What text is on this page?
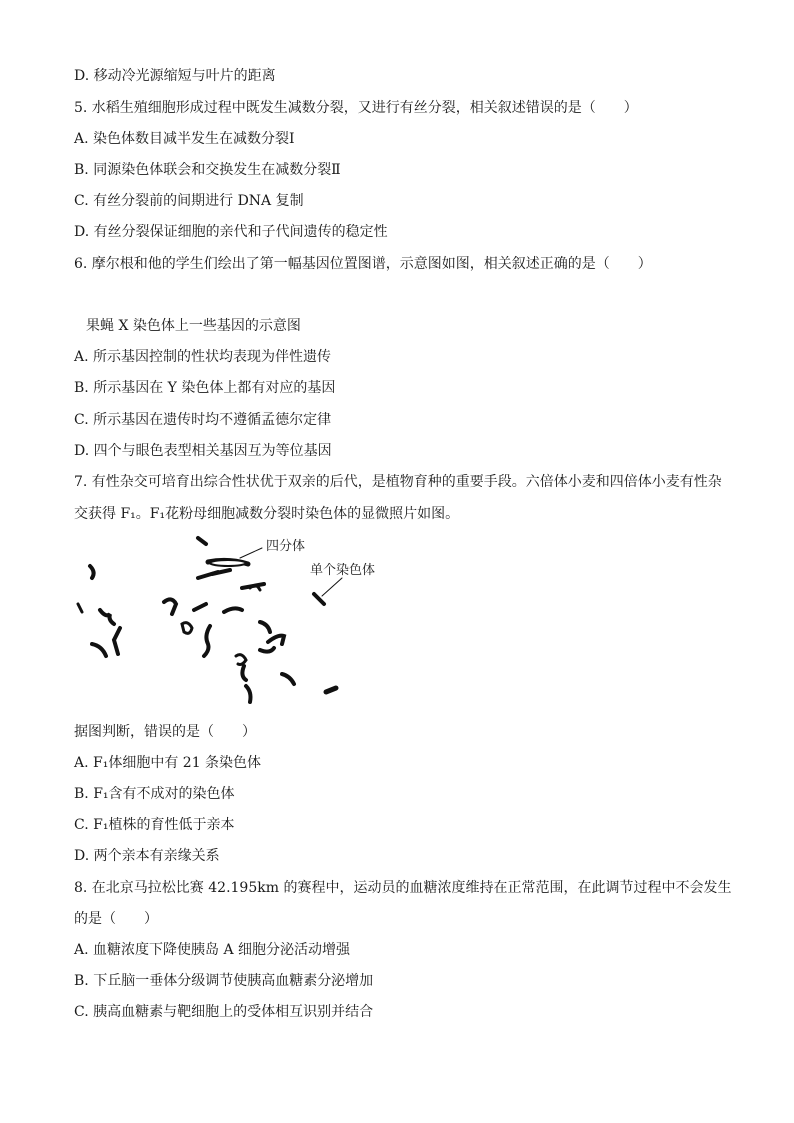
D. 移动冷光源缩短与叶片的距离
5. 水稻生殖细胞形成过程中既发生减数分裂，又进行有丝分裂，相关叙述错误的是（　　）
A. 染色体数目减半发生在减数分裂Ⅰ
B. 同源染色体联会和交换发生在减数分裂Ⅱ
C. 有丝分裂前的间期进行 DNA 复制
D. 有丝分裂保证细胞的亲代和子代间遗传的稳定性
6. 摩尔根和他的学生们绘出了第一幅基因位置图谱，示意图如图，相关叙述正确的是（　　）
果蝇 X 染色体上一些基因的示意图
A. 所示基因控制的性状均表现为伴性遗传
B. 所示基因在 Y 染色体上都有对应的基因
C. 所示基因在遗传时均不遵循孟德尔定律
D. 四个与眼色表型相关基因互为等位基因
7. 有性杂交可培育出综合性状优于双亲的后代，是植物育种的重要手段。六倍体小麦和四倍体小麦有性杂
交获得 F₁。F₁花粉母细胞减数分裂时染色体的显微照片如图。
四分体
单个染色体
据图判断，错误的是（　　）
A. F₁体细胞中有 21 条染色体
B. F₁含有不成对的染色体
C. F₁植株的育性低于亲本
D. 两个亲本有亲缘关系
8. 在北京马拉松比赛 42.195km 的赛程中，运动员的血糖浓度维持在正常范围，在此调节过程中不会发生
的是（　　）
A. 血糖浓度下降使胰岛 A 细胞分泌活动增强
B. 下丘脑一垂体分级调节使胰高血糖素分泌增加
C. 胰高血糖素与靶细胞上的受体相互识别并结合
